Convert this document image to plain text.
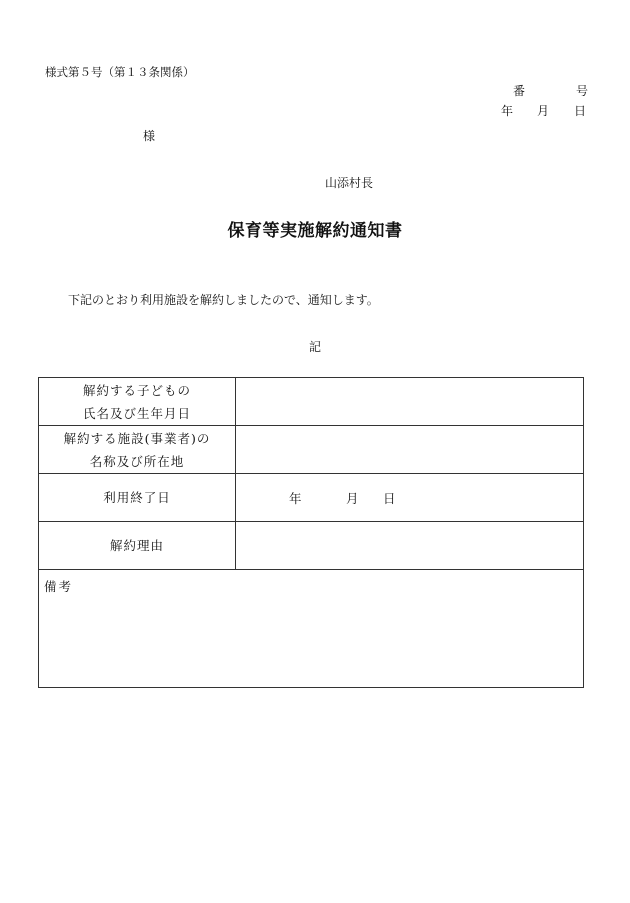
様式第５号（第１３条関係）
番	号
年 月 日
様
山添村長
保育等実施解約通知書
下記のとおり利用施設を解約しましたので、通知します。
記
解約する子どもの
氏名及び生年月日	

解約する施設(事業者)の
名称及び所在地	

利用終了日	年 月 日

解約理由	

備考	
